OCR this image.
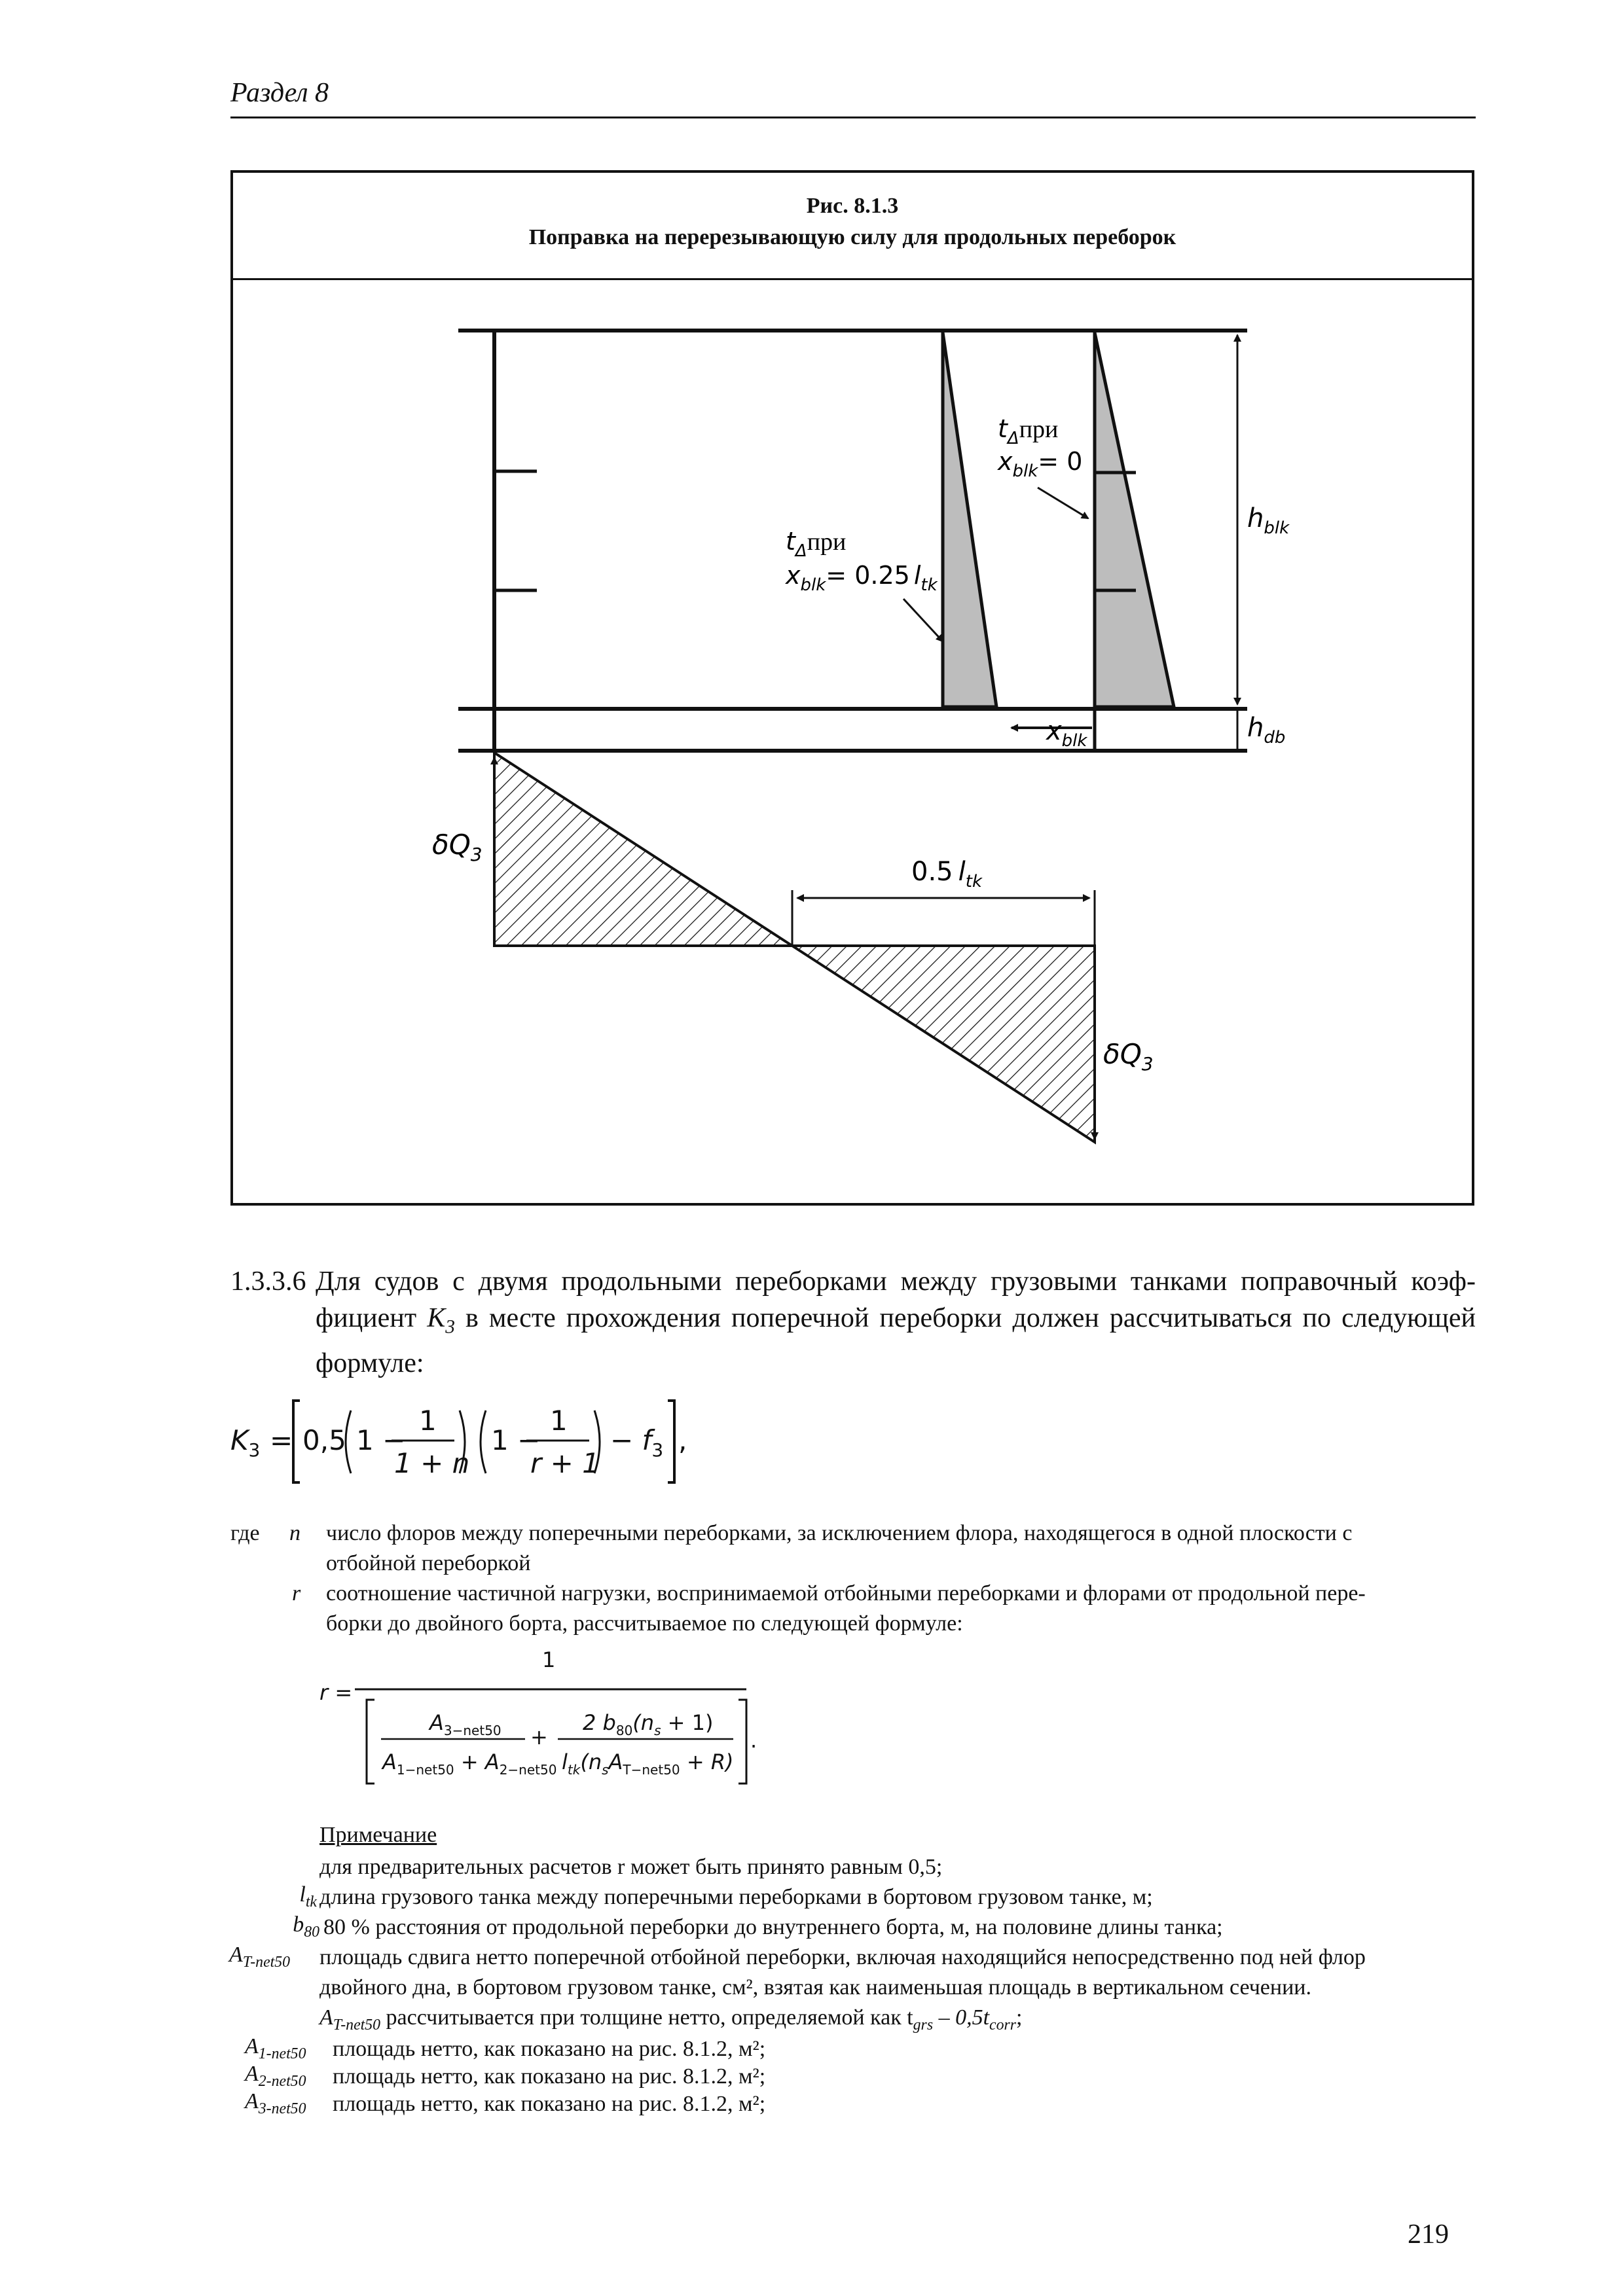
Раздел 8
Рис. 8.1.3
Поправка на перерезывающую силу для продольных переборок
$t_\Delta при$
$x_{blk}= 0$
$t_\Delta при$
$x_{blk}= 0.25$ $l_{tk}$
$h_{blk}$
$h_{db}$
$x_{blk}$
$\delta Q_3$
$\delta Q_3$
0.5 $l_{tk}$
1.3.3.6 Для судов с двумя продольными переборками между грузовыми танками поправочный коэф-
фициент $K_3$ в месте прохождения поперечной переборки должен рассчитываться по следующей
формуле:
$K_3 = 0,5$ 1 −
1
1 + n
1 −
1
r + 1
− $f_3$ ,
где n число флоров между поперечными переборками, за исключением флора, находящегося в одной плоскости с
отбойной переборкой
r соотношение частичной нагрузки, воспринимаемой отбойными переборками и флорами от продольной пере-
борки до двойного борта, рассчитываемое по следующей формуле:
r =
1
$A_{3-net50}$
$A_{1-net50} + A_{2-net50}$
+
2 $b_{80}(n_s + 1)$
$l_{tk}(n_sA_{T-net50} + R)$
.
Примечание
для предварительных расчетов r может быть принято равным 0,5;
$l_{tk}$ длина грузового танка между поперечными переборками в бортовом грузовом танке, м;
$b_{80}$ 80 % расстояния от продольной переборки до внутреннего борта, м, на половине длины танка;
$A_{T-net50}$ площадь сдвига нетто поперечной отбойной переборки, включая находящийся непосредственно под ней флор
двойного дна, в бортовом грузовом танке, см², взятая как наименьшая площадь в вертикальном сечении.
$A_{T-net50}$ рассчитывается при толщине нетто, определяемой как $t_{grs} - 0,5t_{corr}$;
$A_{1-net50}$ площадь нетто, как показано на рис. 8.1.2, м²;
$A_{2-net50}$ площадь нетто, как показано на рис. 8.1.2, м²;
$A_{3-net50}$ площадь нетто, как показано на рис. 8.1.2, м²;
219
